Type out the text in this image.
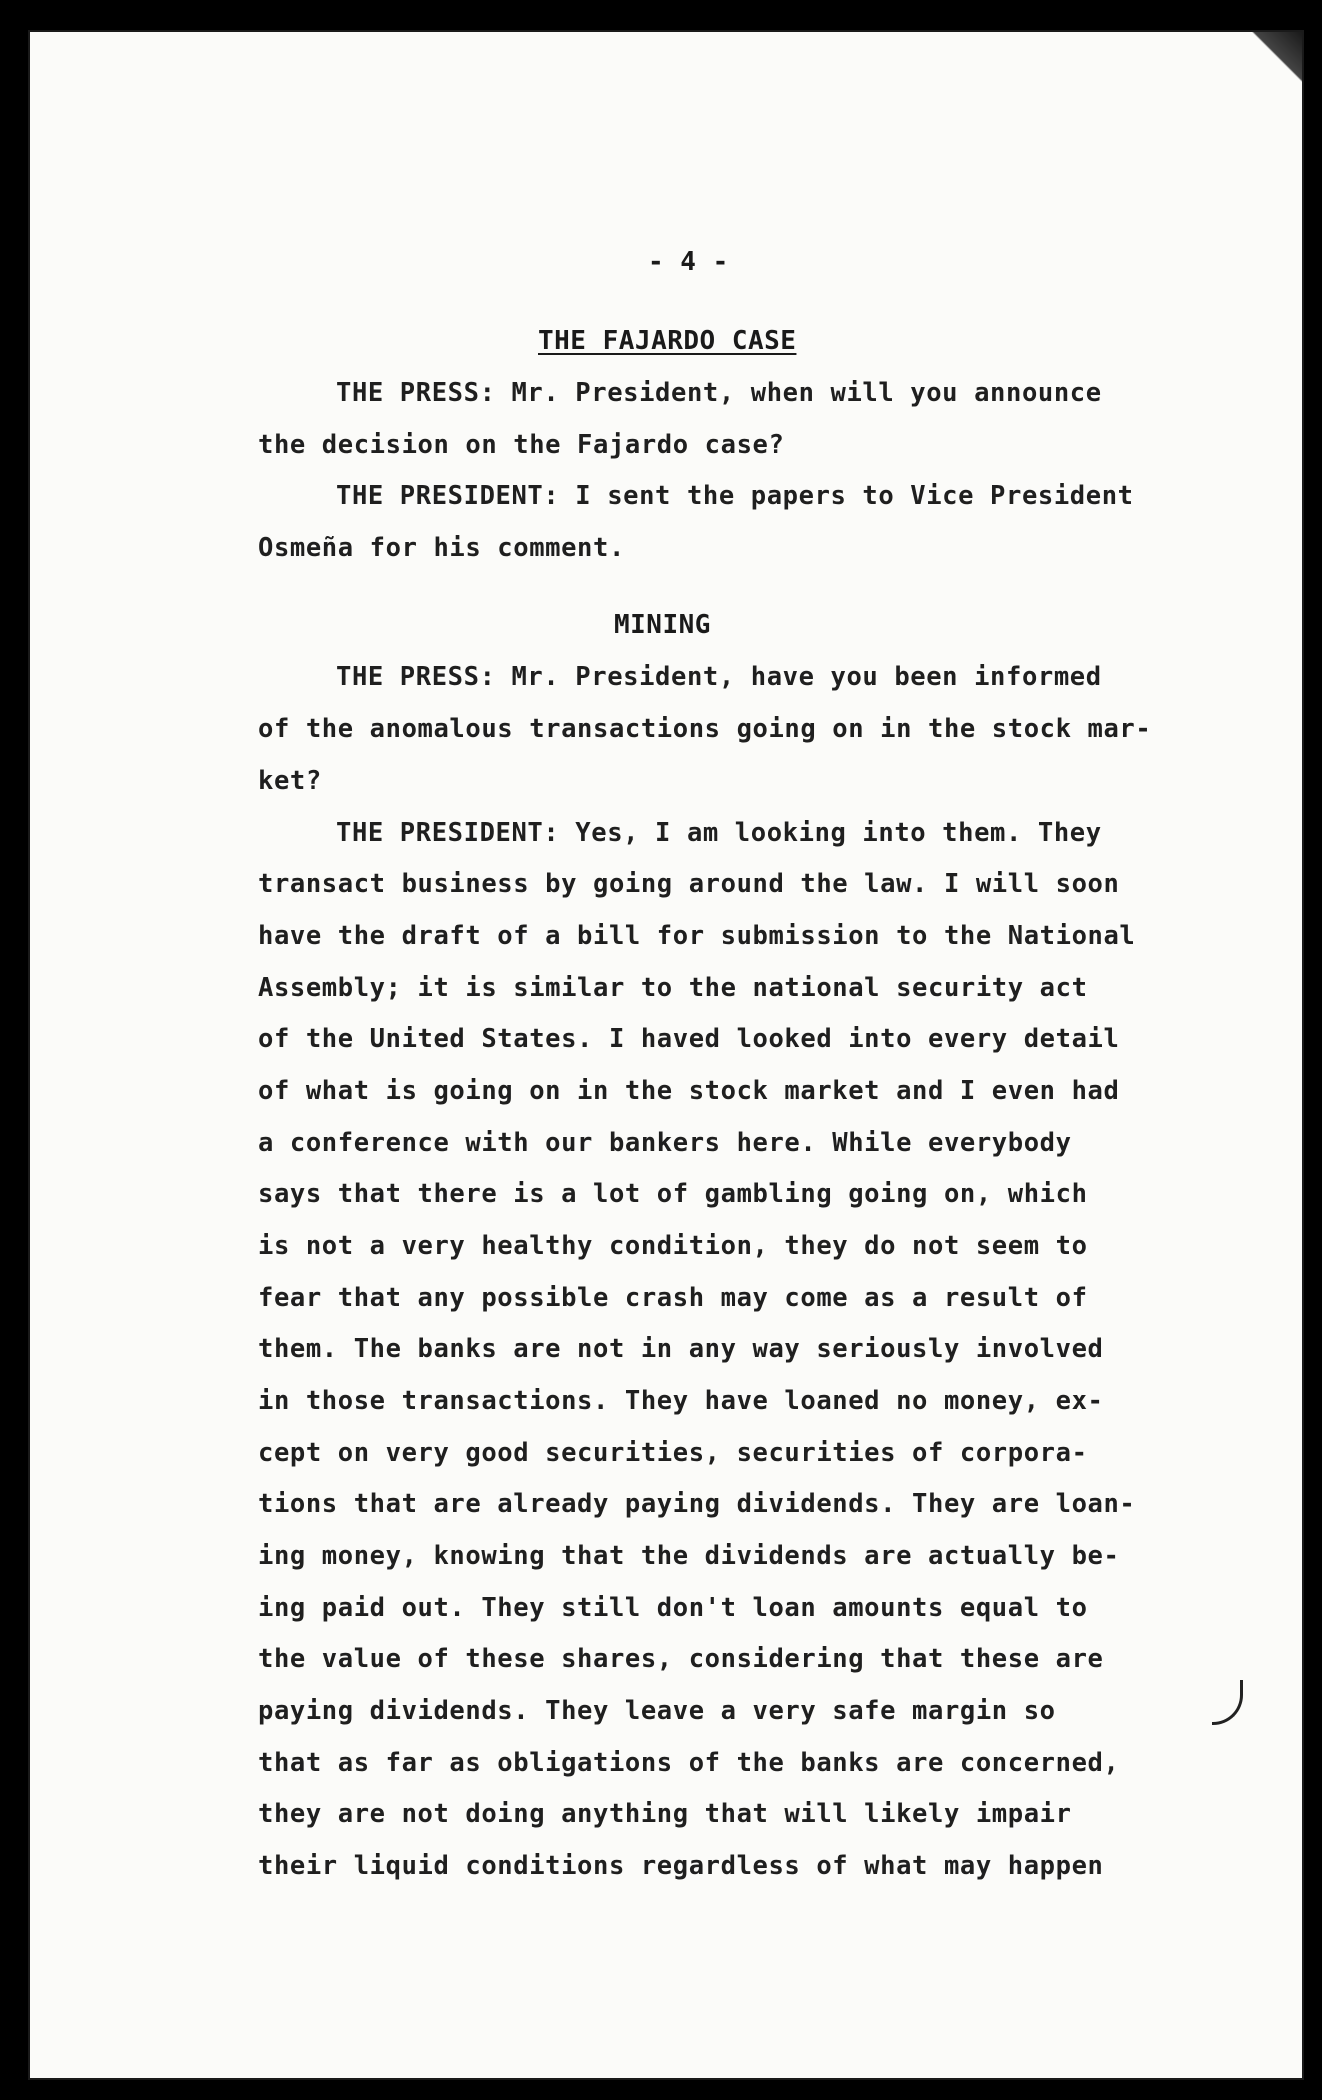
- 4 -
THE FAJARDO CASE
THE PRESS: Mr. President, when will you announce
the decision on the Fajardo case?
THE PRESIDENT: I sent the papers to Vice President
Osmeña for his comment.
MINING
THE PRESS: Mr. President, have you been informed
of the anomalous transactions going on in the stock mar-
ket?
THE PRESIDENT: Yes, I am looking into them. They
transact business by going around the law. I will soon
have the draft of a bill for submission to the National
Assembly; it is similar to the national security act
of the United States. I haved looked into every detail
of what is going on in the stock market and I even had
a conference with our bankers here. While everybody
says that there is a lot of gambling going on, which
is not a very healthy condition, they do not seem to
fear that any possible crash may come as a result of
them. The banks are not in any way seriously involved
in those transactions. They have loaned no money, ex-
cept on very good securities, securities of corpora-
tions that are already paying dividends. They are loan-
ing money, knowing that the dividends are actually be-
ing paid out. They still don't loan amounts equal to
the value of these shares, considering that these are
paying dividends. They leave a very safe margin so
that as far as obligations of the banks are concerned,
they are not doing anything that will likely impair
their liquid conditions regardless of what may happen
